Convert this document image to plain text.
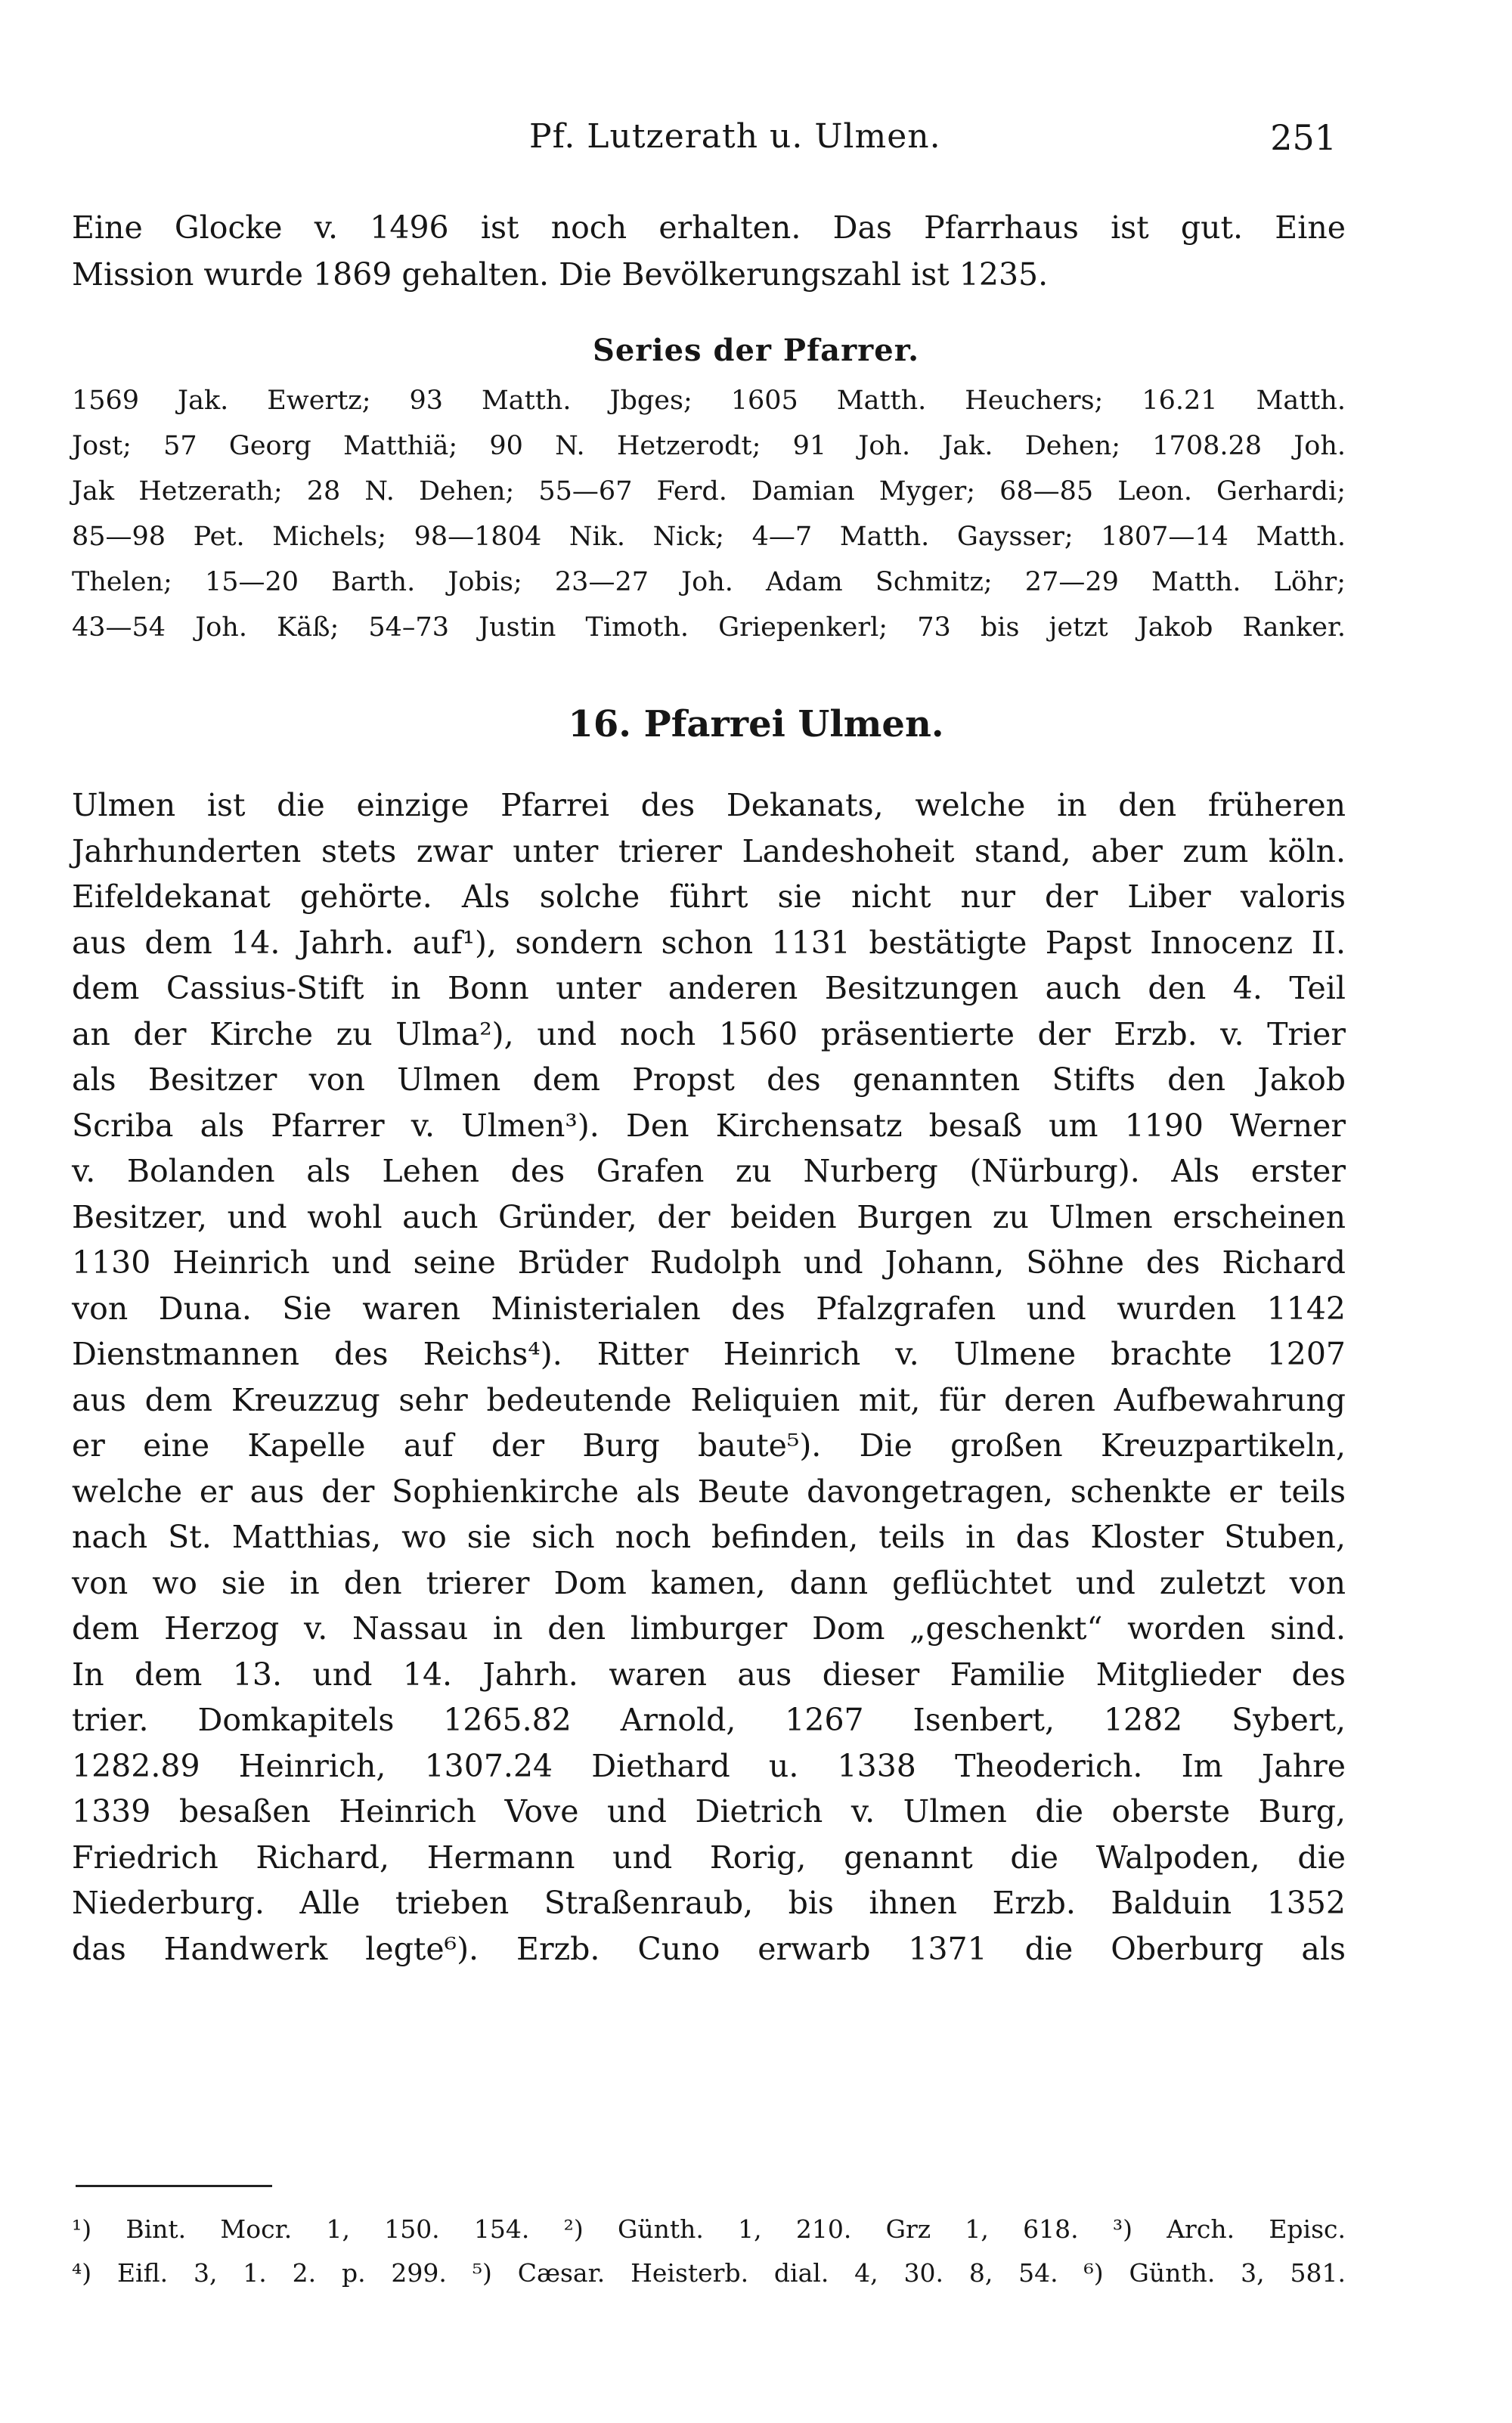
Pf. Lutzerath u. Ulmen.	251
Eine Glocke v. 1496 ist noch erhalten. Das Pfarrhaus ist gut. Eine
Mission wurde 1869 gehalten. Die Bevölkerungszahl ist 1235.
Series der Pfarrer.
1569 Jak. Ewertz; 93 Matth. Jbges; 1605 Matth. Heuchers; 16.21 Matth.
Jost; 57 Georg Matthiä; 90 N. Hetzerodt; 91 Joh. Jak. Dehen; 1708.28 Joh.
Jak Hetzerath; 28 N. Dehen; 55—67 Ferd. Damian Myger; 68—85 Leon. Gerhardi;
85—98 Pet. Michels; 98—1804 Nik. Nick; 4—7 Matth. Gaysser; 1807—14 Matth.
Thelen; 15—20 Barth. Jobis; 23—27 Joh. Adam Schmitz; 27—29 Matth. Löhr;
43—54 Joh. Käß; 54–73 Justin Timoth. Griepenkerl; 73 bis jetzt Jakob Ranker.
16. Pfarrei Ulmen.
Ulmen ist die einzige Pfarrei des Dekanats, welche in den früheren
Jahrhunderten stets zwar unter trierer Landeshoheit stand, aber zum köln.
Eifeldekanat gehörte. Als solche führt sie nicht nur der Liber valoris
aus dem 14. Jahrh. auf¹), sondern schon 1131 bestätigte Papst Innocenz II.
dem Cassius-Stift in Bonn unter anderen Besitzungen auch den 4. Teil
an der Kirche zu Ulma²), und noch 1560 präsentierte der Erzb. v. Trier
als Besitzer von Ulmen dem Propst des genannten Stifts den Jakob
Scriba als Pfarrer v. Ulmen³). Den Kirchensatz besaß um 1190 Werner
v. Bolanden als Lehen des Grafen zu Nurberg (Nürburg). Als erster
Besitzer, und wohl auch Gründer, der beiden Burgen zu Ulmen erscheinen
1130 Heinrich und seine Brüder Rudolph und Johann, Söhne des Richard
von Duna. Sie waren Ministerialen des Pfalzgrafen und wurden 1142
Dienstmannen des Reichs⁴). Ritter Heinrich v. Ulmene brachte 1207
aus dem Kreuzzug sehr bedeutende Reliquien mit, für deren Aufbewahrung
er eine Kapelle auf der Burg baute⁵). Die großen Kreuzpartikeln,
welche er aus der Sophienkirche als Beute davongetragen, schenkte er teils
nach St. Matthias, wo sie sich noch befinden, teils in das Kloster Stuben,
von wo sie in den trierer Dom kamen, dann geflüchtet und zuletzt von
dem Herzog v. Nassau in den limburger Dom „geschenkt“ worden sind.
In dem 13. und 14. Jahrh. waren aus dieser Familie Mitglieder des
trier. Domkapitels 1265.82 Arnold, 1267 Isenbert, 1282 Sybert,
1282.89 Heinrich, 1307.24 Diethard u. 1338 Theoderich. Im Jahre
1339 besaßen Heinrich Vove und Dietrich v. Ulmen die oberste Burg,
Friedrich Richard, Hermann und Rorig, genannt die Walpoden, die
Niederburg. Alle trieben Straßenraub, bis ihnen Erzb. Balduin 1352
das Handwerk legte⁶). Erzb. Cuno erwarb 1371 die Oberburg als
¹) Bint. Mocr. 1, 150. 154. ²) Günth. 1, 210. Grz 1, 618. ³) Arch. Episc.
⁴) Eifl. 3, 1. 2. p. 299. ⁵) Cæsar. Heisterb. dial. 4, 30. 8, 54. ⁶) Günth. 3, 581.
